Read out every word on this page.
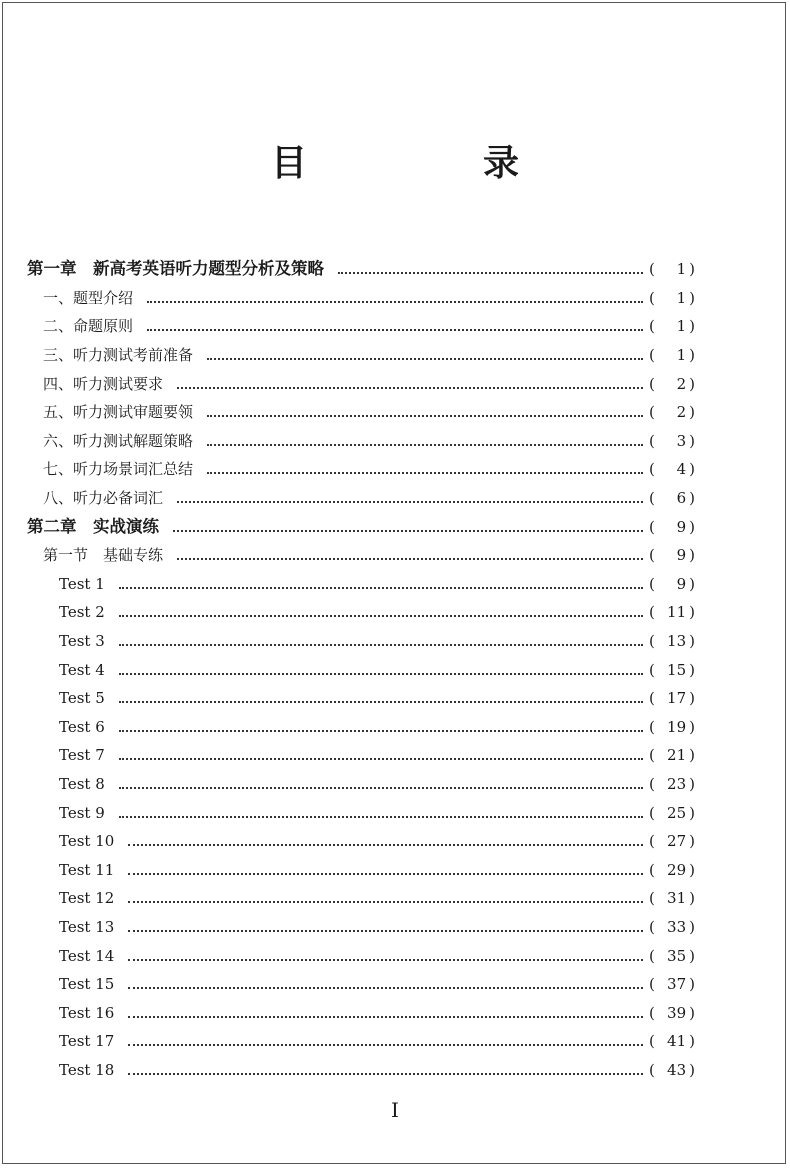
目　录
第一章　新高考英语听力题型分析及策略	(	1 )
一、题型介绍	(	1 )
二、命题原则	(	1 )
三、听力测试考前准备	(	1 )
四、听力测试要求	(	2 )
五、听力测试审题要领	(	2 )
六、听力测试解题策略	(	3 )
七、听力场景词汇总结	(	4 )
八、听力必备词汇	(	6 )
第二章　实战演练	(	9 )
第一节　基础专练	(	9 )
Test 1	(	9 )
Test 2	( 11 )
Test 3	( 13 )
Test 4	( 15 )
Test 5	( 17 )
Test 6	( 19 )
Test 7	( 21 )
Test 8	( 23 )
Test 9	( 25 )
Test 10	( 27 )
Test 11	( 29 )
Test 12	( 31 )
Test 13	( 33 )
Test 14	( 35 )
Test 15	( 37 )
Test 16	( 39 )
Test 17	( 41 )
Test 18	( 43 )
I
